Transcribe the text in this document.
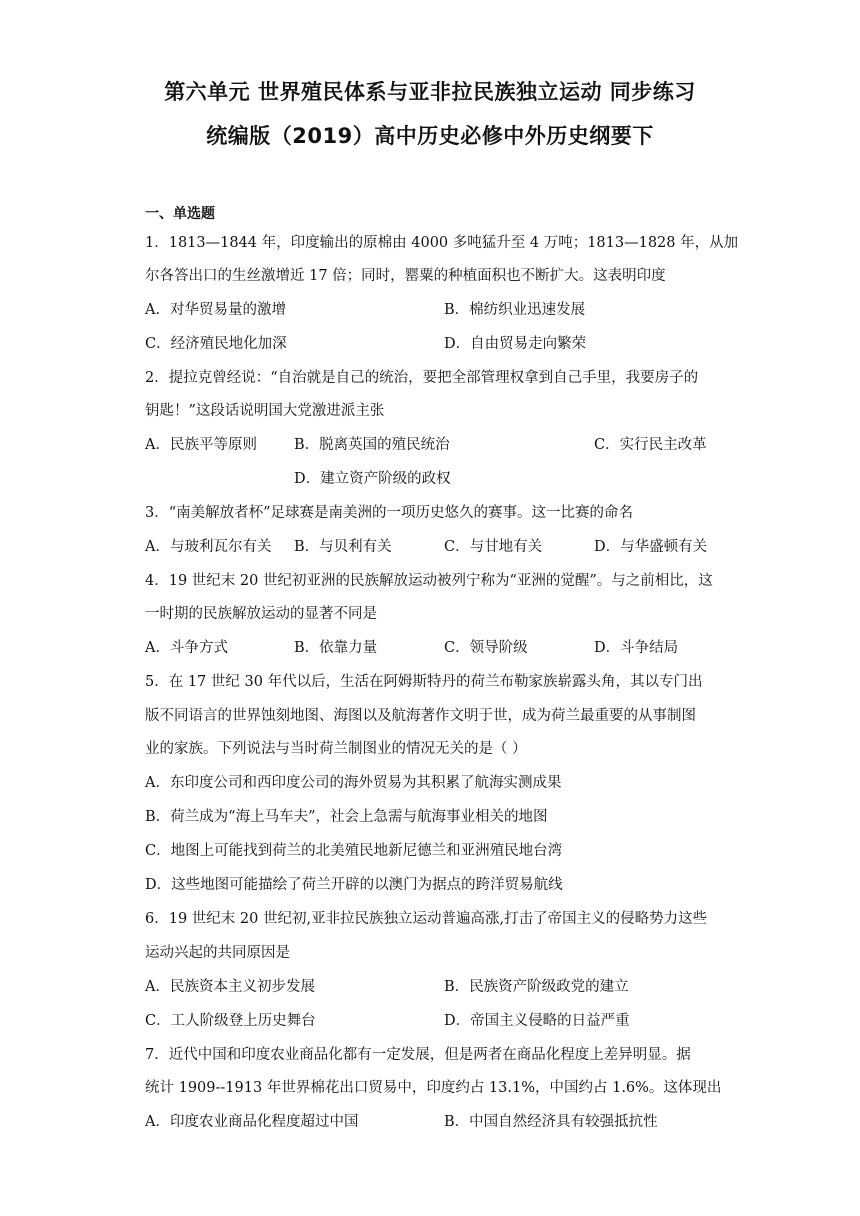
第六单元 世界殖民体系与亚非拉民族独立运动 同步练习
统编版（2019）高中历史必修中外历史纲要下
一、单选题
1．1813—1844 年，印度输出的原棉由 4000 多吨猛升至 4 万吨；1813—1828 年，从加
尔各答出口的生丝激增近 17 倍；同时，罂粟的种植面积也不断扩大。这表明印度
A．对华贸易量的激增	B．棉纺织业迅速发展
C．经济殖民地化加深	D．自由贸易走向繁荣
2．提拉克曾经说：“自治就是自己的统治，要把全部管理权拿到自己手里，我要房子的
钥匙！”这段话说明国大党激进派主张
A．民族平等原则	B．脱离英国的殖民统治	C．实行民主改革
D．建立资产阶级的政权
3．“南美解放者杯”足球赛是南美洲的一项历史悠久的赛事。这一比赛的命名
A．与玻利瓦尔有关 B．与贝利有关	C．与甘地有关	D．与华盛顿有关
4．19 世纪末 20 世纪初亚洲的民族解放运动被列宁称为“亚洲的觉醒”。与之前相比，这
一时期的民族解放运动的显著不同是
A．斗争方式	B．依靠力量	C．领导阶级	D．斗争结局
5．在 17 世纪 30 年代以后，生活在阿姆斯特丹的荷兰布勒家族崭露头角，其以专门出
版不同语言的世界蚀刻地图、海图以及航海著作文明于世，成为荷兰最重要的从事制图
业的家族。下列说法与当时荷兰制图业的情况无关的是（ ）
A．东印度公司和西印度公司的海外贸易为其积累了航海实测成果
B．荷兰成为“海上马车夫”，社会上急需与航海事业相关的地图
C．地图上可能找到荷兰的北美殖民地新尼德兰和亚洲殖民地台湾
D．这些地图可能描绘了荷兰开辟的以澳门为据点的跨洋贸易航线
6．19 世纪末 20 世纪初,亚非拉民族独立运动普遍高涨,打击了帝国主义的侵略势力这些
运动兴起的共同原因是
A．民族资本主义初步发展	B．民族资产阶级政党的建立
C．工人阶级登上历史舞台	D．帝国主义侵略的日益严重
7．近代中国和印度农业商品化都有一定发展，但是两者在商品化程度上差异明显。据
统计 1909--1913 年世界棉花出口贸易中，印度约占 13.1%，中国约占 1.6%。这体现出
A．印度农业商品化程度超过中国	B．中国自然经济具有较强抵抗性
